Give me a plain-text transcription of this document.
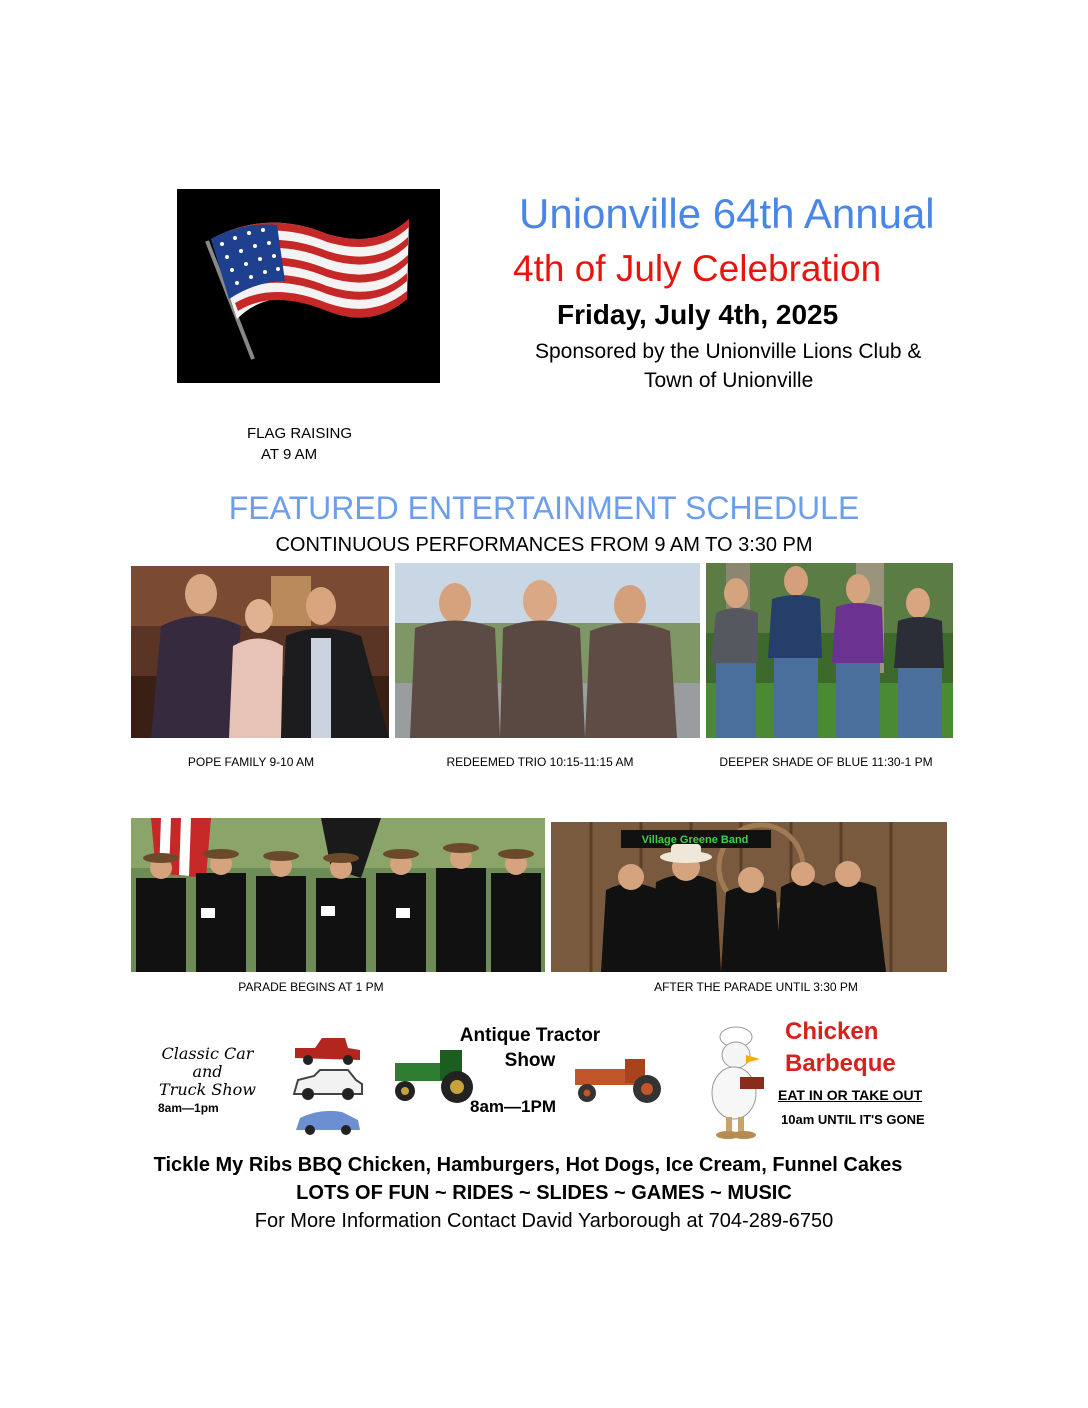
Unionville 64th Annual
4th of July Celebration
Friday, July 4th, 2025
Sponsored by the Unionville Lions Club &
Town of Unionville
FLAG RAISING
AT 9 AM
FEATURED ENTERTAINMENT SCHEDULE
CONTINUOUS PERFORMANCES FROM 9 AM TO 3:30 PM
POPE FAMILY 9-10 AM	REDEEMED TRIO 10:15-11:15 AM	DEEPER SHADE OF BLUE 11:30-1 PM
Village Greene Band
PARADE BEGINS AT 1 PM	AFTER THE PARADE UNTIL 3:30 PM
Classic Car
and
Truck Show
8am—1pm
Antique Tractor
Show
8am—1PM
Chicken
Barbeque
EAT IN OR TAKE OUT
10am UNTIL IT'S GONE
Tickle My Ribs BBQ Chicken, Hamburgers, Hot Dogs, Ice Cream, Funnel Cakes
LOTS OF FUN ~ RIDES ~ SLIDES ~ GAMES ~ MUSIC
For More Information Contact David Yarborough at 704-289-6750
